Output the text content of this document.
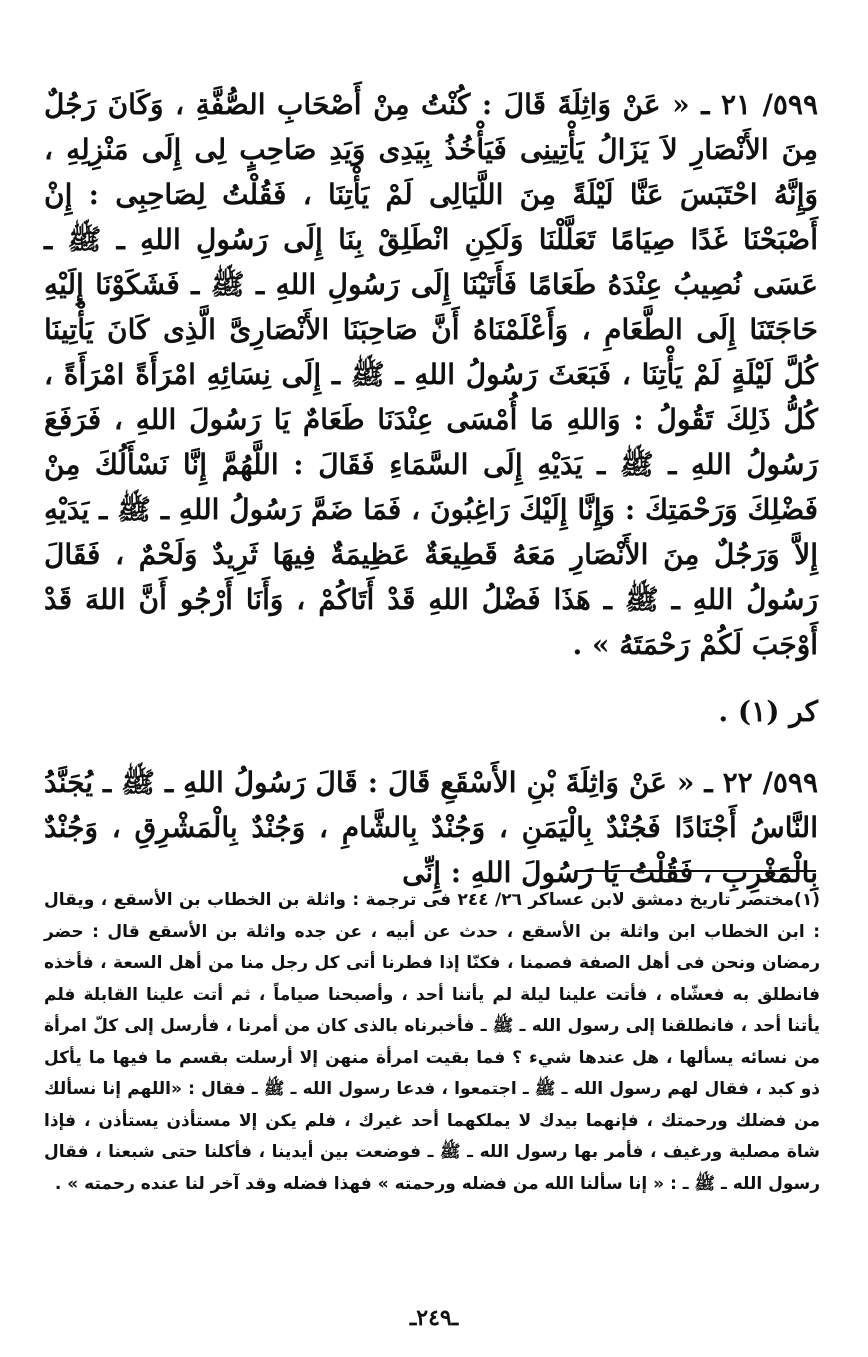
٥٩٩/ ٢١ ـ « عَنْ وَاثِلَةَ قَالَ : كُنْتُ مِنْ أَصْحَابِ الصُّفَّةِ ، وَكَانَ رَجُلٌ مِنَ الأَنْصَارِ لاَ يَزَالُ يَأْتِينِى فَيَأْخُذُ بِيَدِى وَيَدِ صَاحِبٍ لِى إِلَى مَنْزِلِهِ ، وَإِنَّهُ احْتَبَسَ عَنَّا لَيْلَةً مِنَ اللَّيَالِى لَمْ يَأْتِنَا ، فَقُلْتُ لِصَاحِبِى : إِنْ أَصْبَحْنَا غَدًا صِيَامًا تَعَلَّلْنَا وَلَكِنِ انْطَلِقْ بِنَا إِلَى رَسُولِ اللهِ ـ ﷺ ـ عَسَى نُصِيبُ عِنْدَهُ طَعَامًا فَأَتَيْنَا إِلَى رَسُولِ اللهِ ـ ﷺ ـ فَشَكَوْنَا إِلَيْهِ حَاجَتَنَا إِلَى الطَّعَامِ ، وَأَعْلَمْنَاهُ أَنَّ صَاحِبَنَا الأَنْصَارِىَّ الَّذِى كَانَ يَأْتِينَا كُلَّ لَيْلَةٍ لَمْ يَأْتِنَا ، فَبَعَثَ رَسُولُ اللهِ ـ ﷺ ـ إِلَى نِسَائِهِ امْرَأَةً امْرَأَةً ، كُلُّ ذَلِكَ تَقُولُ : وَاللهِ مَا أُمْسَى عِنْدَنَا طَعَامٌ يَا رَسُولَ اللهِ ، فَرَفَعَ رَسُولُ اللهِ ـ ﷺ ـ يَدَيْهِ إِلَى السَّمَاءِ فَقَالَ : اللَّهُمَّ إِنَّا نَسْأَلُكَ مِنْ فَضْلِكَ وَرَحْمَتِكَ : وَإِنَّا إِلَيْكَ رَاغِبُونَ ، فَمَا ضَمَّ رَسُولُ اللهِ ـ ﷺ ـ يَدَيْهِ إِلاَّ وَرَجُلٌ مِنَ الأَنْصَارِ مَعَهُ قَطِيعَةٌ عَظِيمَةٌ فِيهَا ثَرِيدٌ وَلَحْمٌ ، فَقَالَ رَسُولُ اللهِ ـ ﷺ ـ هَذَا فَضْلُ اللهِ قَدْ أَتَاكُمْ ، وَأَنَا أَرْجُو أَنَّ اللهَ قَدْ أَوْجَبَ لَكُمْ رَحْمَتَهُ » .

كر (١) .

٥٩٩/ ٢٢ ـ « عَنْ وَاثِلَةَ بْنِ الأَسْقَعِ قَالَ : قَالَ رَسُولُ اللهِ ـ ﷺ ـ يُجَنَّدُ النَّاسُ أَجْنَادًا فَجُنْدٌ بِالْيَمَنِ ، وَجُنْدٌ بِالشَّامِ ، وَجُنْدٌ بِالْمَشْرِقِ ، وَجُنْدٌ بِالْمَغْرِبِ ، فَقُلْتُ يَا رَسُولَ اللهِ : إِنِّى

(١)مختصر تاريخ دمشق لابن عساكر ٢٦/ ٢٤٤ فى ترجمة : واثلة بن الخطاب بن الأسقع ، ويقال : ابن الخطاب ابن واثلة بن الأسقع ، حدث عن أبيه ، عن جده واثلة بن الأسقع قال : حضر رمضان ونحن فى أهل الصفة فصمنا ، فكنّا إذا فطرنا أتى كل رجل منا من أهل السعة ، فأخذه فانطلق به فعشّاه ، فأتت علينا ليلة لم يأتنا أحد ، وأصبحنا صياماً ، ثم أتت علينا القابلة فلم يأتنا أحد ، فانطلقنا إلى رسول الله ـ ﷺ ـ فأخبرناه بالذى كان من أمرنا ، فأرسل إلى كلّ امرأة من نسائه يسألها ، هل عندها شيء ؟ فما بقيت امرأة منهن إلا أرسلت بقسم ما فيها ما يأكل ذو كبد ، فقال لهم رسول الله ـ ﷺ ـ اجتمعوا ، فدعا رسول الله ـ ﷺ ـ فقال : «اللهم إنا نسألك من فضلك ورحمتك ، فإنهما بيدك لا يملكهما أحد غيرك ، فلم يكن إلا مستأذن يستأذن ، فإذا شاة مصلية ورغيف ، فأمر بها رسول الله ـ ﷺ ـ فوضعت بين أيدينا ، فأكلنا حتى شبعنا ، فقال رسول الله ـ ﷺ ـ : « إنا سألنا الله من فضله ورحمته » فهذا فضله وقد آخر لنا عنده رحمته » .

ـ٢٤٩ـ
